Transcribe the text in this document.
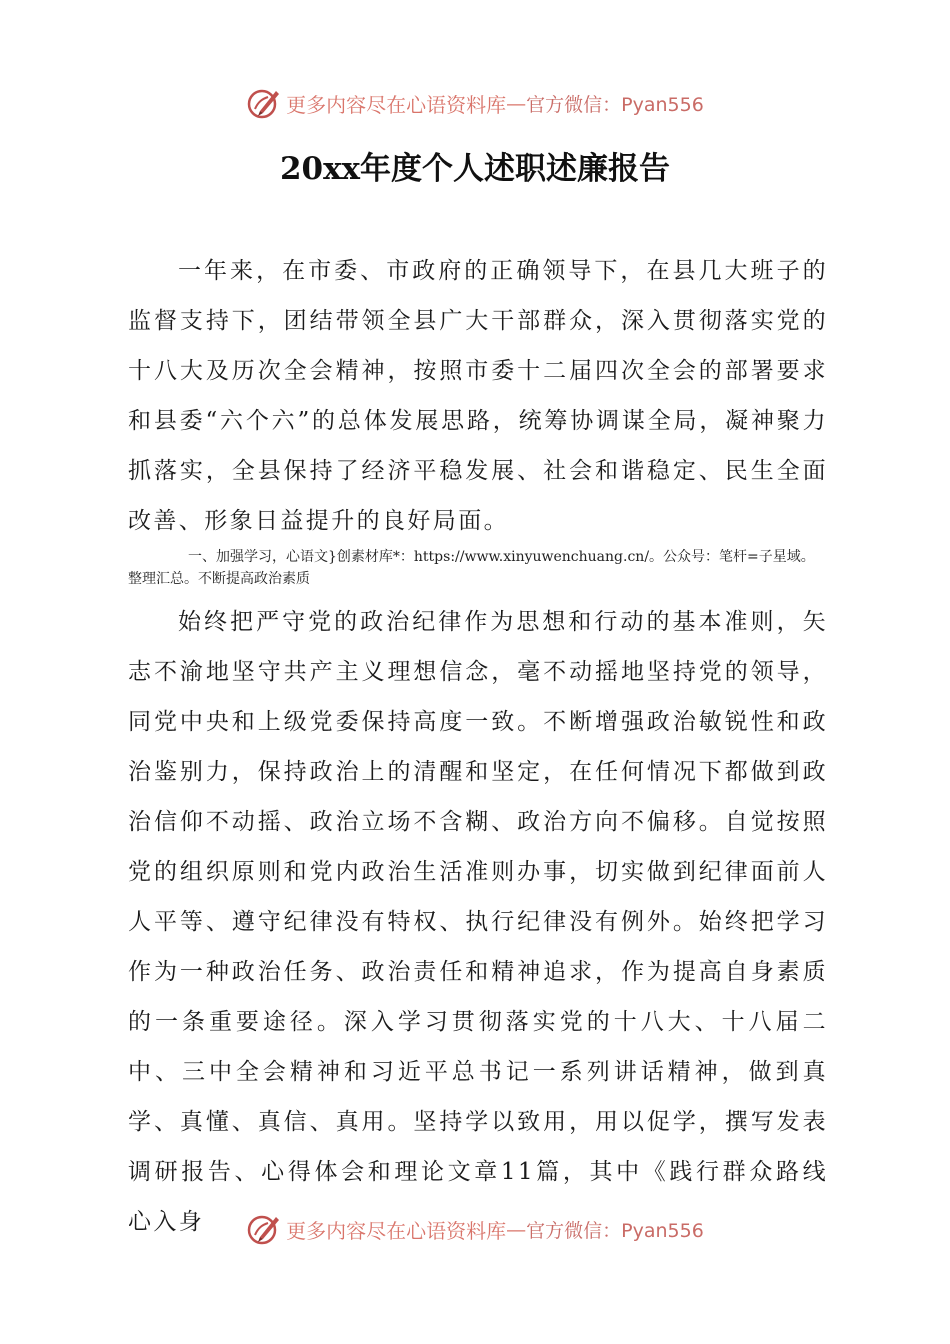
更多内容尽在心语资料库 — 官方微信：Pyan556
20xx年度个人述职述廉报告

一年来，在市委、市政府的正确领导下，在县几大班子的监督支持下，团结带领全县广大干部群众，深入贯彻落实党的十八大及历次全会精神，按照市委十二届四次全会的部署要求和县委“六个六”的总体发展思路，统筹协调谋全局，凝神聚力抓落实，全县保持了经济平稳发展、社会和谐稳定、民生全面改善、形象日益提升的良好局面。

一、加强学习，心语文}创素材库*：https://www.xinyuwenchuang.cn/。公众号：笔杆=子星域。整理汇总。不断提高政治素质

始终把严守党的政治纪律作为思想和行动的基本准则，矢志不渝地坚守共产主义理想信念，毫不动摇地坚持党的领导，同党中央和上级党委保持高度一致。不断增强政治敏锐性和政治鉴别力，保持政治上的清醒和坚定，在任何情况下都做到政治信仰不动摇、政治立场不含糊、政治方向不偏移。自觉按照党的组织原则和党内政治生活准则办事，切实做到纪律面前人人平等、遵守纪律没有特权、执行纪律没有例外。始终把学习作为一种政治任务、政治责任和精神追求，作为提高自身素质的一条重要途径。深入学习贯彻落实党的十八大、十八届二中、三中全会精神和习近平总书记一系列讲话精神，做到真学、真懂、真信、真用。坚持学以致用，用以促学，撰写发表调研报告、心得体会和理论文章11篇，其中《践行群众路线　心入身	更多内容尽在心语资料库 — 官方微信：Pyan556
